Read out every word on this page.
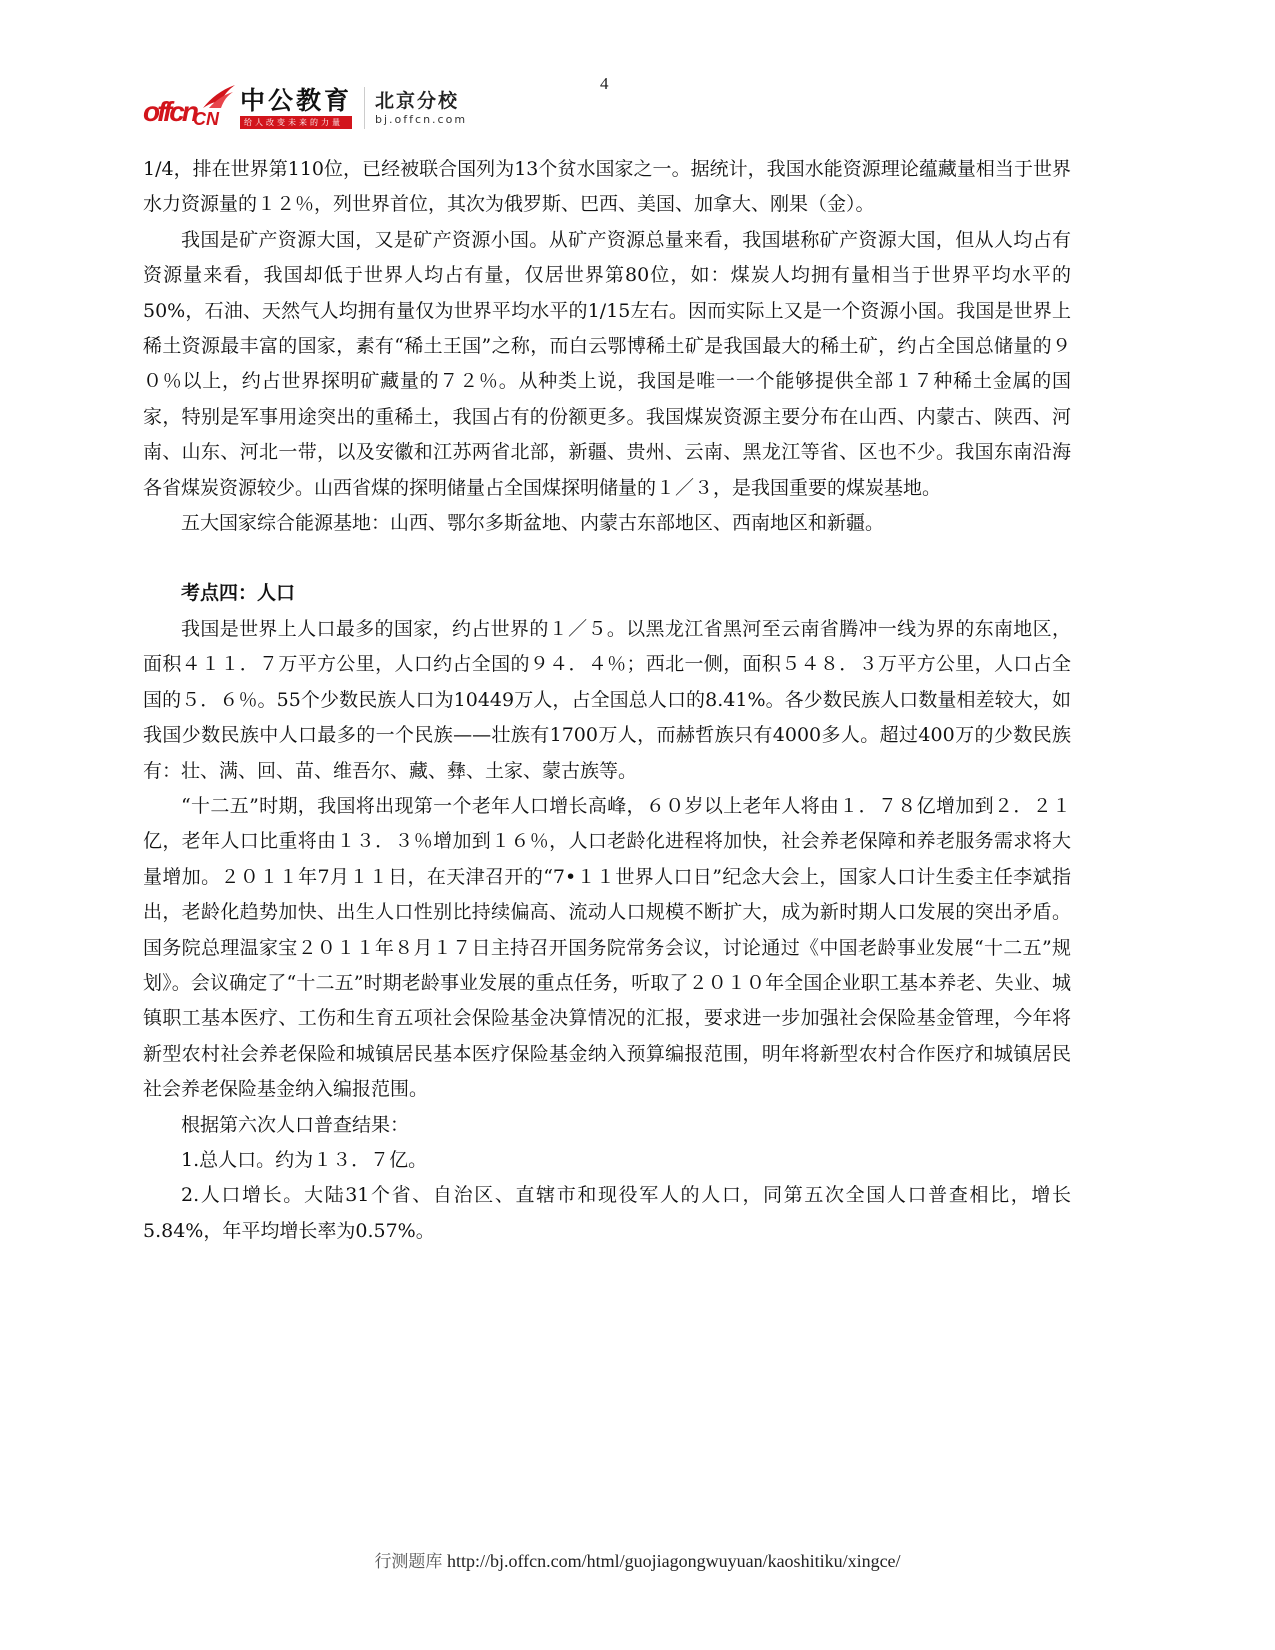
4
offcn
CN
中公教育
给人改变未来的力量
北京分校
bj.offcn.com

1/4，排在世界第110位，已经被联合国列为13个贫水国家之一。据统计，我国水能资源理论蕴藏量相当于世界水力资源量的１２％，列世界首位，其次为俄罗斯、巴西、美国、加拿大、刚果（金）。

我国是矿产资源大国，又是矿产资源小国。从矿产资源总量来看，我国堪称矿产资源大国，但从人均占有资源量来看，我国却低于世界人均占有量，仅居世界第80位，如：煤炭人均拥有量相当于世界平均水平的50%，石油、天然气人均拥有量仅为世界平均水平的1/15左右。因而实际上又是一个资源小国。我国是世界上稀土资源最丰富的国家，素有“稀土王国”之称，而白云鄂博稀土矿是我国最大的稀土矿，约占全国总储量的９０％以上，约占世界探明矿藏量的７２％。从种类上说，我国是唯一一个能够提供全部１７种稀土金属的国家，特别是军事用途突出的重稀土，我国占有的份额更多。我国煤炭资源主要分布在山西、内蒙古、陕西、河南、山东、河北一带，以及安徽和江苏两省北部，新疆、贵州、云南、黑龙江等省、区也不少。我国东南沿海各省煤炭资源较少。山西省煤的探明储量占全国煤探明储量的１／３，是我国重要的煤炭基地。

五大国家综合能源基地：山西、鄂尔多斯盆地、内蒙古东部地区、西南地区和新疆。

考点四：人口

我国是世界上人口最多的国家，约占世界的１／５。以黑龙江省黑河至云南省腾冲一线为界的东南地区，面积４１１．７万平方公里，人口约占全国的９４．４％；西北一侧，面积５４８．３万平方公里，人口占全国的５．６％。55个少数民族人口为10449万人，占全国总人口的8.41%。各少数民族人口数量相差较大，如我国少数民族中人口最多的一个民族——壮族有1700万人，而赫哲族只有4000多人。超过400万的少数民族有：壮、满、回、苗、维吾尔、藏、彝、土家、蒙古族等。

“十二五”时期，我国将出现第一个老年人口增长高峰，６０岁以上老年人将由１．７８亿增加到２．２１亿，老年人口比重将由１３．３％增加到１６％，人口老龄化进程将加快，社会养老保障和养老服务需求将大量增加。２０１１年7月１１日，在天津召开的“7•１１世界人口日”纪念大会上，国家人口计生委主任李斌指出，老龄化趋势加快、出生人口性别比持续偏高、流动人口规模不断扩大，成为新时期人口发展的突出矛盾。国务院总理温家宝２０１１年８月１７日主持召开国务院常务会议，讨论通过《中国老龄事业发展“十二五”规划》。会议确定了“十二五”时期老龄事业发展的重点任务，听取了２０１０年全国企业职工基本养老、失业、城镇职工基本医疗、工伤和生育五项社会保险基金决算情况的汇报，要求进一步加强社会保险基金管理，今年将新型农村社会养老保险和城镇居民基本医疗保险基金纳入预算编报范围，明年将新型农村合作医疗和城镇居民社会养老保险基金纳入编报范围。

根据第六次人口普查结果：

1.总人口。约为１３．７亿。

2.人口增长。大陆31个省、自治区、直辖市和现役军人的人口，同第五次全国人口普查相比，增长5.84%，年平均增长率为0.57%。

行测题库 http://bj.offcn.com/html/guojiagongwuyuan/kaoshitiku/xingce/
